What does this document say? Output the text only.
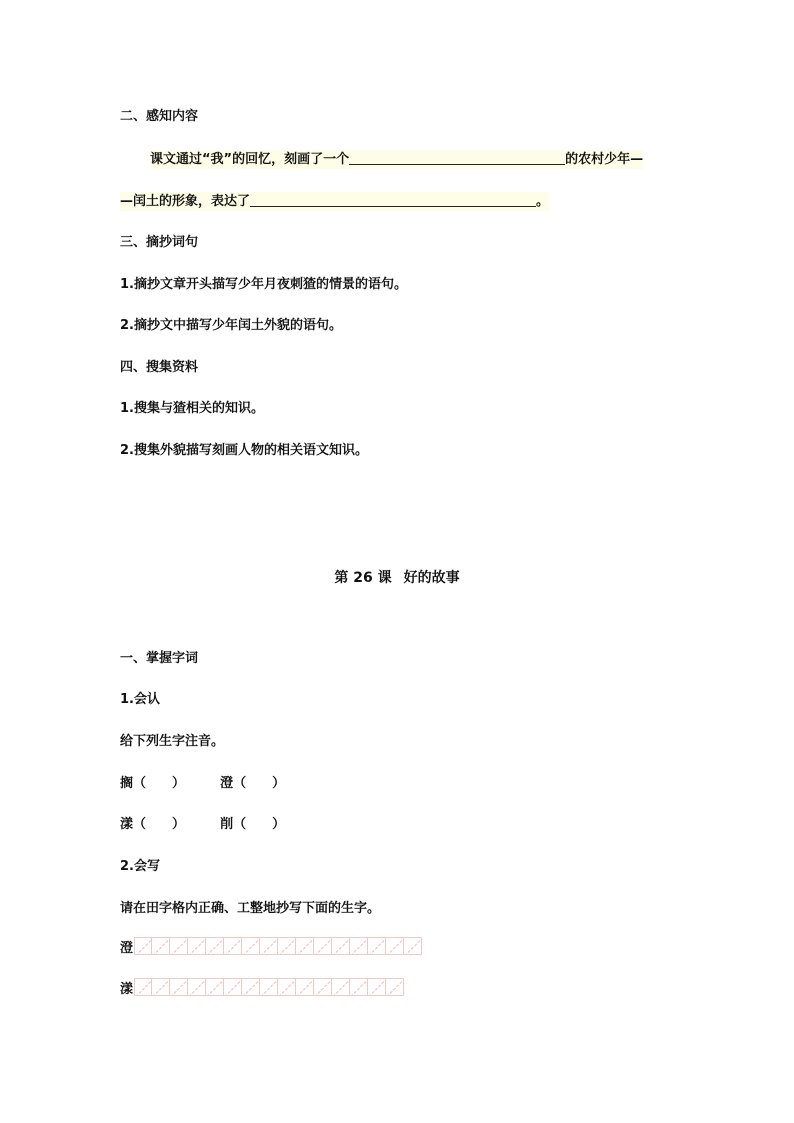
二、感知内容
课文通过“我”的回忆，刻画了一个	的农村少年—
—闰土的形象，表达了	。
三、摘抄词句
1.摘抄文章开头描写少年月夜刺猹的情景的语句。
2.摘抄文中描写少年闰土外貌的语句。
四、搜集资料
1.搜集与猹相关的知识。
2.搜集外貌描写刻画人物的相关语文知识。
第 26 课 好的故事
一、掌握字词
1.会认
给下列生字注音。
搁（　　）	澄（　　）
漾（　　）	削（　　）
2.会写
请在田字格内正确、工整地抄写下面的生字。
澄
漾
